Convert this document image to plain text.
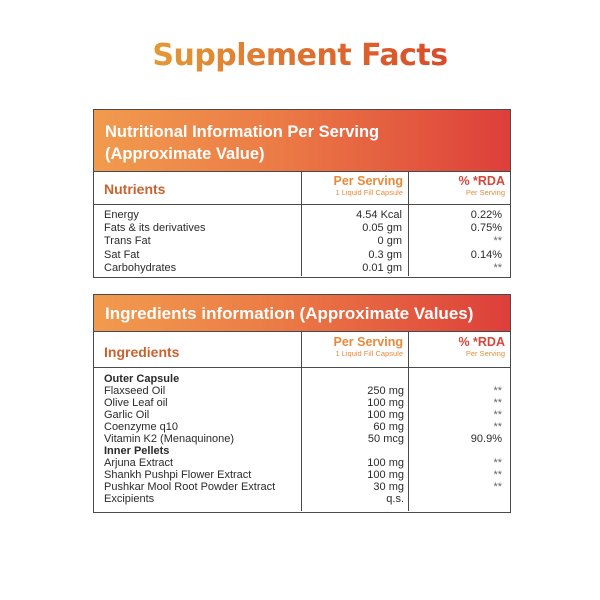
Supplement Facts
Nutritional Information Per Serving
(Approximate Value)
Nutrients	Per Serving
1 Liquid Fill Capsule
% *RDA
Per Serving
Energy
Fats & its derivatives
Trans Fat
Sat Fat
Carbohydrates
4.54 Kcal
0.05 gm
0 gm
0.3 gm
0.01 gm
0.22%
0.75%
**
0.14%
**
Ingredients information (Approximate Values)
Ingredients
Per Serving
1 Liquid Fill Capsule
% *RDA
Per Serving
Outer Capsule
Flaxseed Oil
Olive Leaf oil
Garlic Oil
Coenzyme q10
Vitamin K2 (Menaquinone)
Inner Pellets
Arjuna Extract
Shankh Pushpi Flower Extract
Pushkar Mool Root Powder Extract
Excipients

250 mg
100 mg
100 mg
60 mg
50 mcg

100 mg
100 mg
30 mg
q.s.

**
**
**
**
90.9%

**
**
**
